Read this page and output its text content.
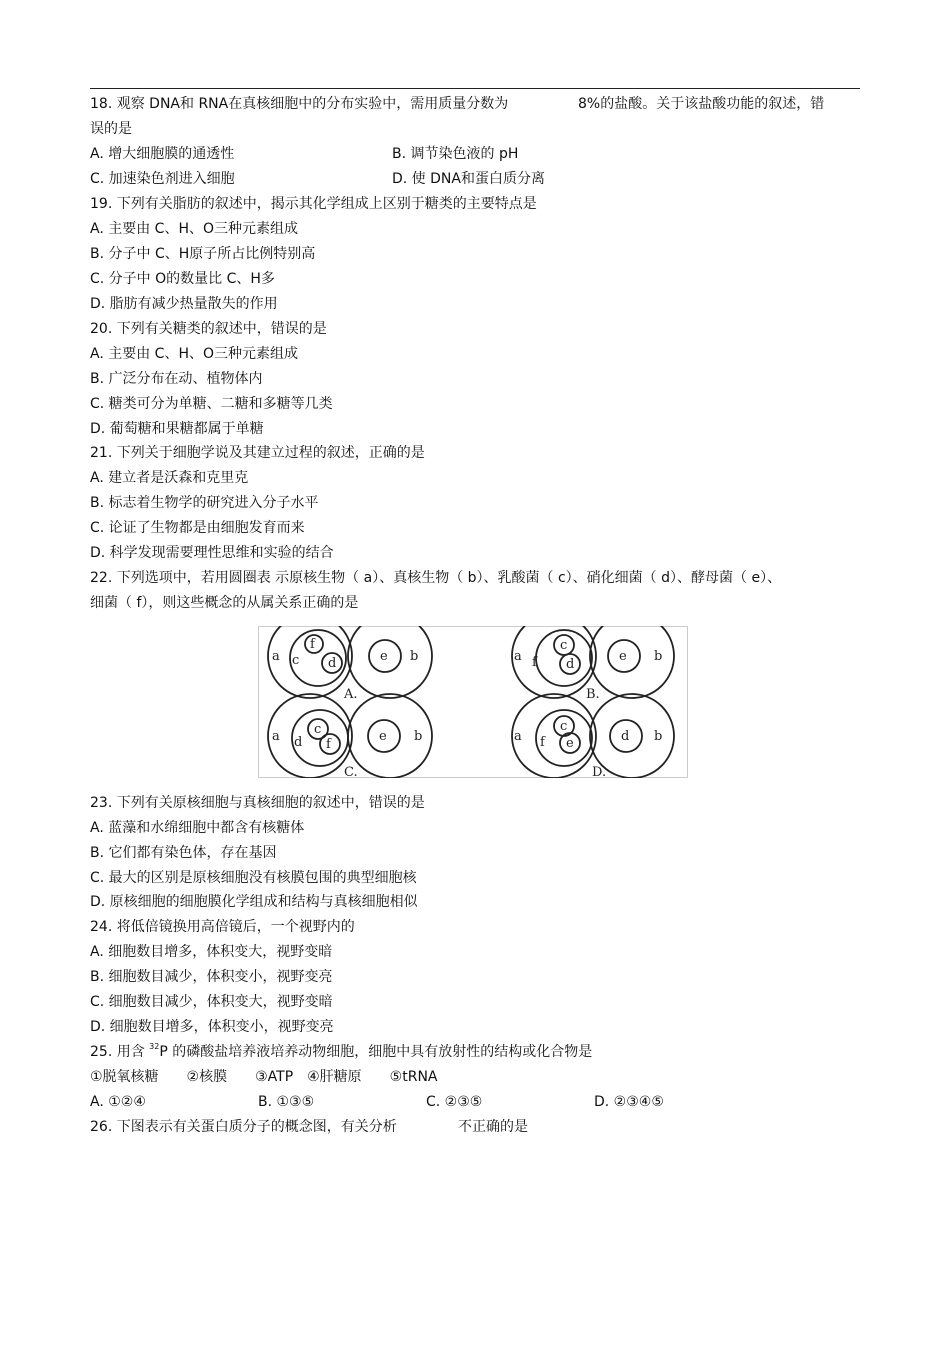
18. 观察 DNA和 RNA在真核细胞中的分布实验中，需用质量分数为	8%的盐酸。关于该盐酸功能的叙述，错
误的是
A. 增大细胞膜的通透性	B. 调节染色液的 pH
C. 加速染色剂进入细胞	D. 使 DNA和蛋白质分离
19. 下列有关脂肪的叙述中，揭示其化学组成上区别于糖类的主要特点是
A. 主要由 C、H、O三种元素组成
B. 分子中 C、H原子所占比例特别高
C. 分子中 O的数量比 C、H多
D. 脂肪有减少热量散失的作用
20. 下列有关糖类的叙述中，错误的是
A. 主要由 C、H、O三种元素组成
B. 广泛分布在动、植物体内
C. 糖类可分为单糖、二糖和多糖等几类
D. 葡萄糖和果糖都属于单糖
21. 下列关于细胞学说及其建立过程的叙述，正确的是
A. 建立者是沃森和克里克
B. 标志着生物学的研究进入分子水平
C. 论证了生物都是由细胞发育而来
D. 科学发现需要理性思维和实验的结合
22. 下列选项中，若用圆圈表 示原核生物（ a）、真核生物（ b）、乳酸菌（ c）、硝化细菌（ d）、酵母菌（ e）、
细菌（ f），则这些概念的从属关系正确的是
a c
f
d	e b
A.
a f
c
d
e b
B.
a d
c
f
e b
C.
a f
c
e	d b
D.
23. 下列有关原核细胞与真核细胞的叙述中，错误的是
A. 蓝藻和水绵细胞中都含有核糖体
B. 它们都有染色体，存在基因
C. 最大的区别是原核细胞没有核膜包围的典型细胞核
D. 原核细胞的细胞膜化学组成和结构与真核细胞相似
24. 将低倍镜换用高倍镜后，一个视野内的
A. 细胞数目增多，体积变大，视野变暗
B. 细胞数目减少，体积变小，视野变亮
C. 细胞数目减少，体积变大，视野变暗
D. 细胞数目增多，体积变小，视野变亮
25. 用含 $^{32}$P 的磷酸盐培养液培养动物细胞，细胞中具有放射性的结构或化合物是
①脱氧核糖　　②核膜　　③ATP　④肝糖原　　⑤tRNA
A. ①②④	B. ①③⑤	C. ②③⑤	D. ②③④⑤
26. 下图表示有关蛋白质分子的概念图，有关分析	不正确的是
